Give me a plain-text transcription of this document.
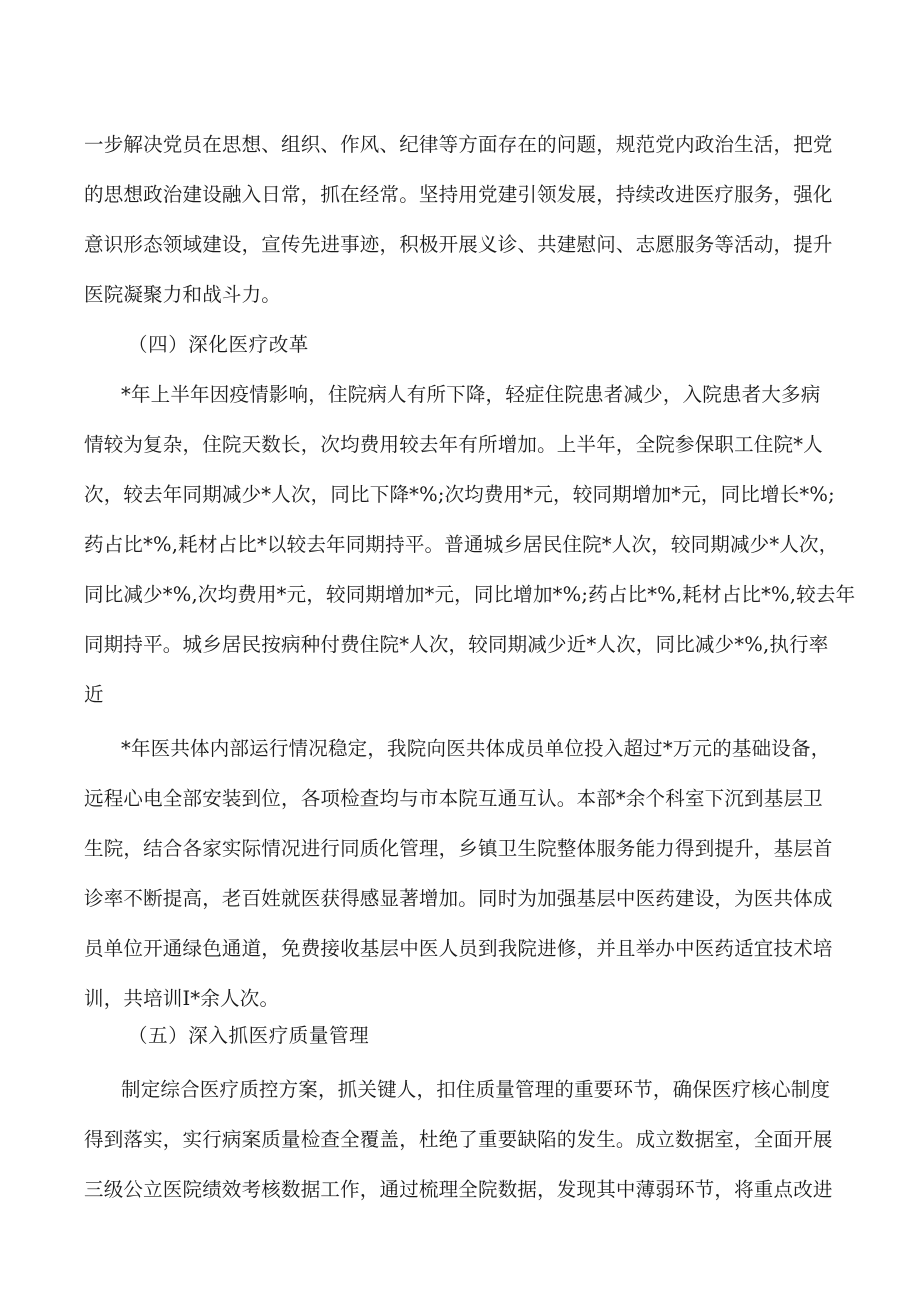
一步解决党员在思想、组织、作风、纪律等方面存在的问题，规范党内政治生活，把党
的思想政治建设融入日常，抓在经常。坚持用党建引领发展，持续改进医疗服务，强化
意识形态领域建设，宣传先进事迹，积极开展义诊、共建慰问、志愿服务等活动，提升
医院凝聚力和战斗力。
（四）深化医疗改革
*年上半年因疫情影响，住院病人有所下降，轻症住院患者减少，入院患者大多病
情较为复杂，住院天数长，次均费用较去年有所增加。上半年，全院参保职工住院*人
次，较去年同期减少*人次，同比下降*%;次均费用*元，较同期增加*元，同比增长*%;
药占比*%,耗材占比*以较去年同期持平。普通城乡居民住院*人次，较同期减少*人次，
同比减少*%,次均费用*元，较同期增加*元，同比增加*%;药占比*%,耗材占比*%,较去年
同期持平。城乡居民按病种付费住院*人次，较同期减少近*人次，同比减少*%,执行率
近
*年医共体内部运行情况稳定，我院向医共体成员单位投入超过*万元的基础设备，
远程心电全部安装到位，各项检查均与市本院互通互认。本部*余个科室下沉到基层卫
生院，结合各家实际情况进行同质化管理，乡镇卫生院整体服务能力得到提升，基层首
诊率不断提高，老百姓就医获得感显著增加。同时为加强基层中医药建设，为医共体成
员单位开通绿色通道，免费接收基层中医人员到我院进修，并且举办中医药适宜技术培
训，共培训I*余人次。
（五）深入抓医疗质量管理
制定综合医疗质控方案，抓关键人，扣住质量管理的重要环节，确保医疗核心制度
得到落实，实行病案质量检查全覆盖，杜绝了重要缺陷的发生。成立数据室，全面开展
三级公立医院绩效考核数据工作，通过梳理全院数据，发现其中薄弱环节，将重点改进
